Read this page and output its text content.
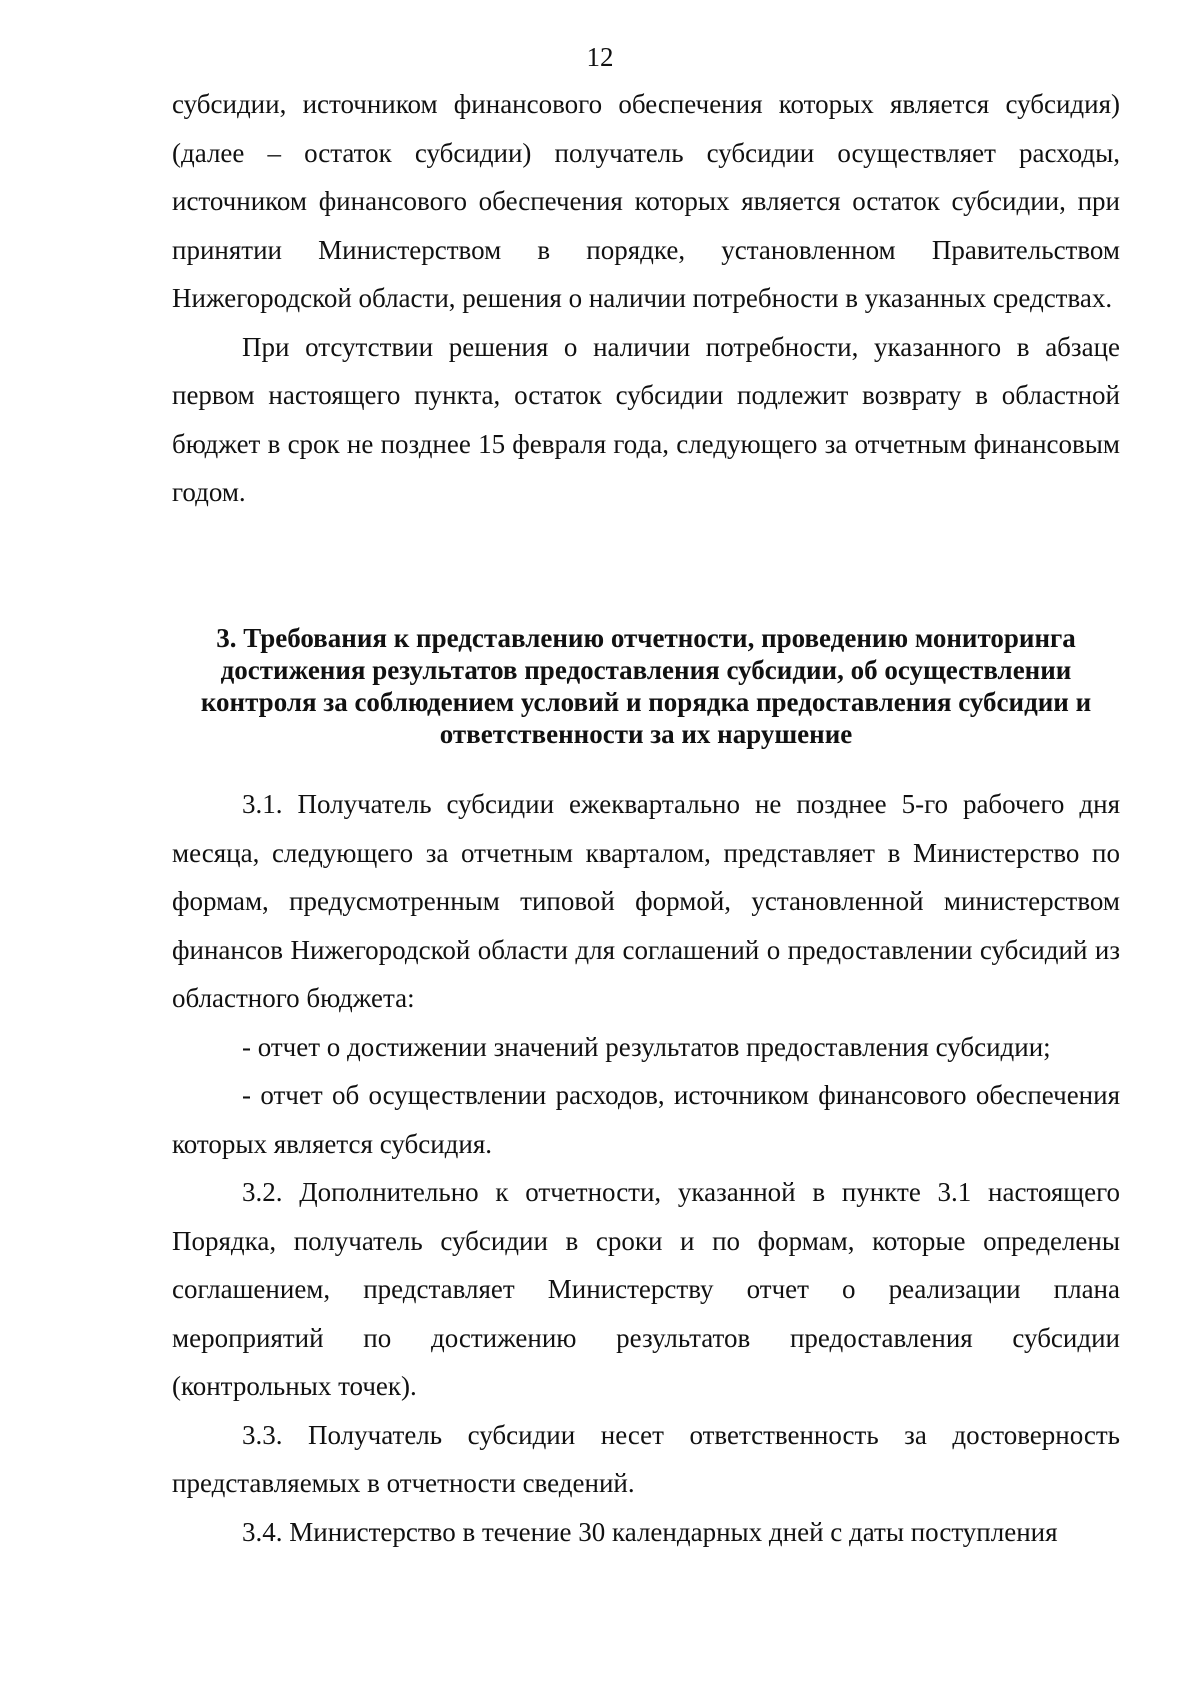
12

субсидии, источником финансового обеспечения которых является субсидия) (далее – остаток субсидии) получатель субсидии осуществляет расходы, источником финансового обеспечения которых является остаток субсидии, при принятии Министерством в порядке, установленном Правительством Нижегородской области, решения о наличии потребности в указанных средствах.

При отсутствии решения о наличии потребности, указанного в абзаце первом настоящего пункта, остаток субсидии подлежит возврату в областной бюджет в срок не позднее 15 февраля года, следующего за отчетным финансовым годом.

3. Требования к представлению отчетности, проведению мониторинга достижения результатов предоставления субсидии, об осуществлении контроля за соблюдением условий и порядка предоставления субсидии и ответственности за их нарушение

3.1. Получатель субсидии ежеквартально не позднее 5-го рабочего дня месяца, следующего за отчетным кварталом, представляет в Министерство по формам, предусмотренным типовой формой, установленной министерством финансов Нижегородской области для соглашений о предоставлении субсидий из областного бюджета:

- отчет о достижении значений результатов предоставления субсидии;

- отчет об осуществлении расходов, источником финансового обеспечения которых является субсидия.

3.2. Дополнительно к отчетности, указанной в пункте 3.1 настоящего Порядка, получатель субсидии в сроки и по формам, которые определены соглашением, представляет Министерству отчет о реализации плана мероприятий по достижению результатов предоставления субсидии (контрольных точек).

3.3. Получатель субсидии несет ответственность за достоверность представляемых в отчетности сведений.

3.4. Министерство в течение 30 календарных дней с даты поступления
